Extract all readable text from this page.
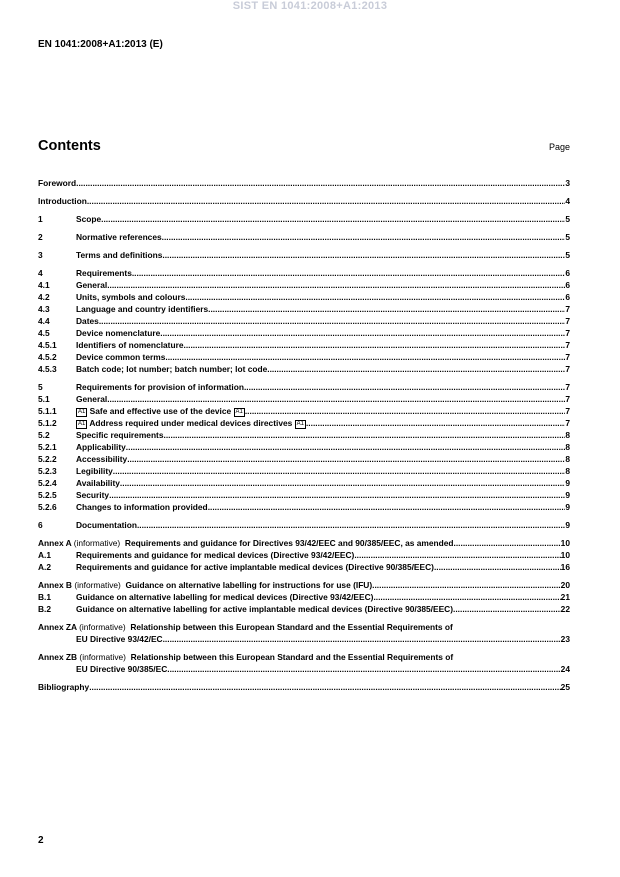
SIST EN 1041:2008+A1:2013
EN 1041:2008+A1:2013 (E)
Contents	Page
Foreword .....	3
Introduction .....	4
1	Scope .....	5
2	Normative references .....	5
3	Terms and definitions .....	5
4	Requirements .....	6
4.1	General .....	6
4.2	Units, symbols and colours .....	6
4.3	Language and country identifiers .....	7
4.4	Dates .....	7
4.5	Device nomenclature .....	7
4.5.1	Identifiers of nomenclature .....	7
4.5.2	Device common terms .....	7
4.5.3	Batch code; lot number; batch number; lot code .....	7
5	Requirements for provision of information .....	7
5.1	General .....	7
5.1.1	A1 Safe and effective use of the device A1 .....	7
5.1.2	A1 Address required under medical devices directives A1 .....	7
5.2	Specific requirements .....	8
5.2.1	Applicability .....	8
5.2.2	Accessibility .....	8
5.2.3	Legibility .....	8
5.2.4	Availability .....	9
5.2.5	Security .....	9
5.2.6	Changes to information provided .....	9
6	Documentation .....	9
Annex A (informative) Requirements and guidance for Directives 93/42/EEC and 90/385/EEC, as amended .....	10
A.1	Requirements and guidance for medical devices (Directive 93/42/EEC) .....	10
A.2	Requirements and guidance for active implantable medical devices (Directive 90/385/EEC) .....	16
Annex B (informative) Guidance on alternative labelling for instructions for use (IFU) .....	20
B.1	Guidance on alternative labelling for medical devices (Directive 93/42/EEC) .....	21
B.2	Guidance on alternative labelling for active implantable medical devices (Directive 90/385/EEC) .....	22
Annex ZA (informative) Relationship between this European Standard and the Essential Requirements of
EU Directive 93/42/EC .....	23
Annex ZB (informative) Relationship between this European Standard and the Essential Requirements of
EU Directive 90/385/EC .....	24
Bibliography .....	25
2
